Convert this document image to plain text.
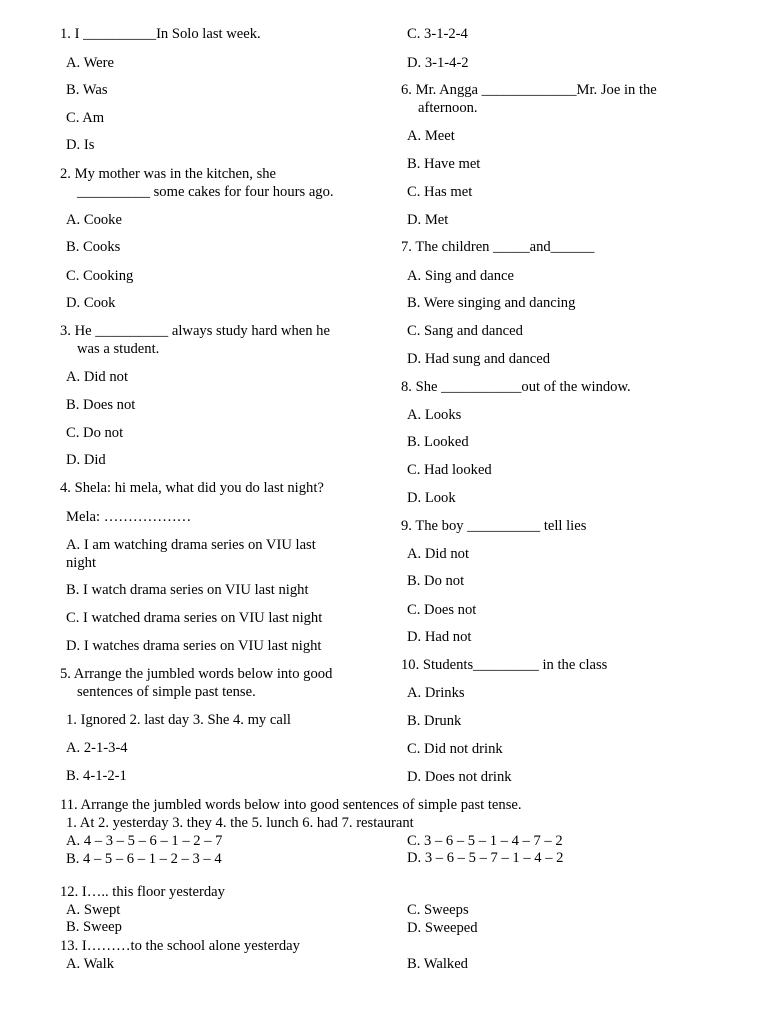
1. I __________In Solo last week.
A. Were
B. Was
C. Am
D. Is
2. My mother was in the kitchen, she
__________ some cakes for four hours ago.
A. Cooke
B. Cooks
C. Cooking
D. Cook
3. He __________ always study hard when he
was a student.
A. Did not
B. Does not
C. Do not
D. Did
4. Shela: hi mela, what did you do last night?
Mela: ………………
A. I am watching drama series on VIU last
night
B. I watch drama series on VIU last night
C. I watched drama series on VIU last night
D. I watches drama series on VIU last night
5. Arrange the jumbled words below into good
sentences of simple past tense.
1. Ignored 2. last day 3. She 4. my call
A. 2-1-3-4
B. 4-1-2-1
C. 3-1-2-4
D. 3-1-4-2
6. Mr. Angga _____________Mr. Joe in the
afternoon.
A. Meet
B. Have met
C. Has met
D. Met
7. The children _____and______
A. Sing and dance
B. Were singing and dancing
C. Sang and danced
D. Had sung and danced
8. She ___________out of the window.
A. Looks
B. Looked
C. Had looked
D. Look
9. The boy __________ tell lies
A. Did not
B. Do not
C. Does not
D. Had not
10. Students_________ in the class
A. Drinks
B. Drunk
C. Did not drink
D. Does not drink
11. Arrange the jumbled words below into good sentences of simple past tense.
1. At 2. yesterday 3. they 4. the 5. lunch 6. had 7. restaurant
A. 4 – 3 – 5 – 6 – 1 – 2 – 7	C. 3 – 6 – 5 – 1 – 4 – 7 – 2
B. 4 – 5 – 6 – 1 – 2 – 3 – 4	D. 3 – 6 – 5 – 7 – 1 – 4 – 2
12. I….. this floor yesterday
A. Swept	C. Sweeps
B. Sweep	D. Sweeped
13. I………to the school alone yesterday
A. Walk	B. Walked
